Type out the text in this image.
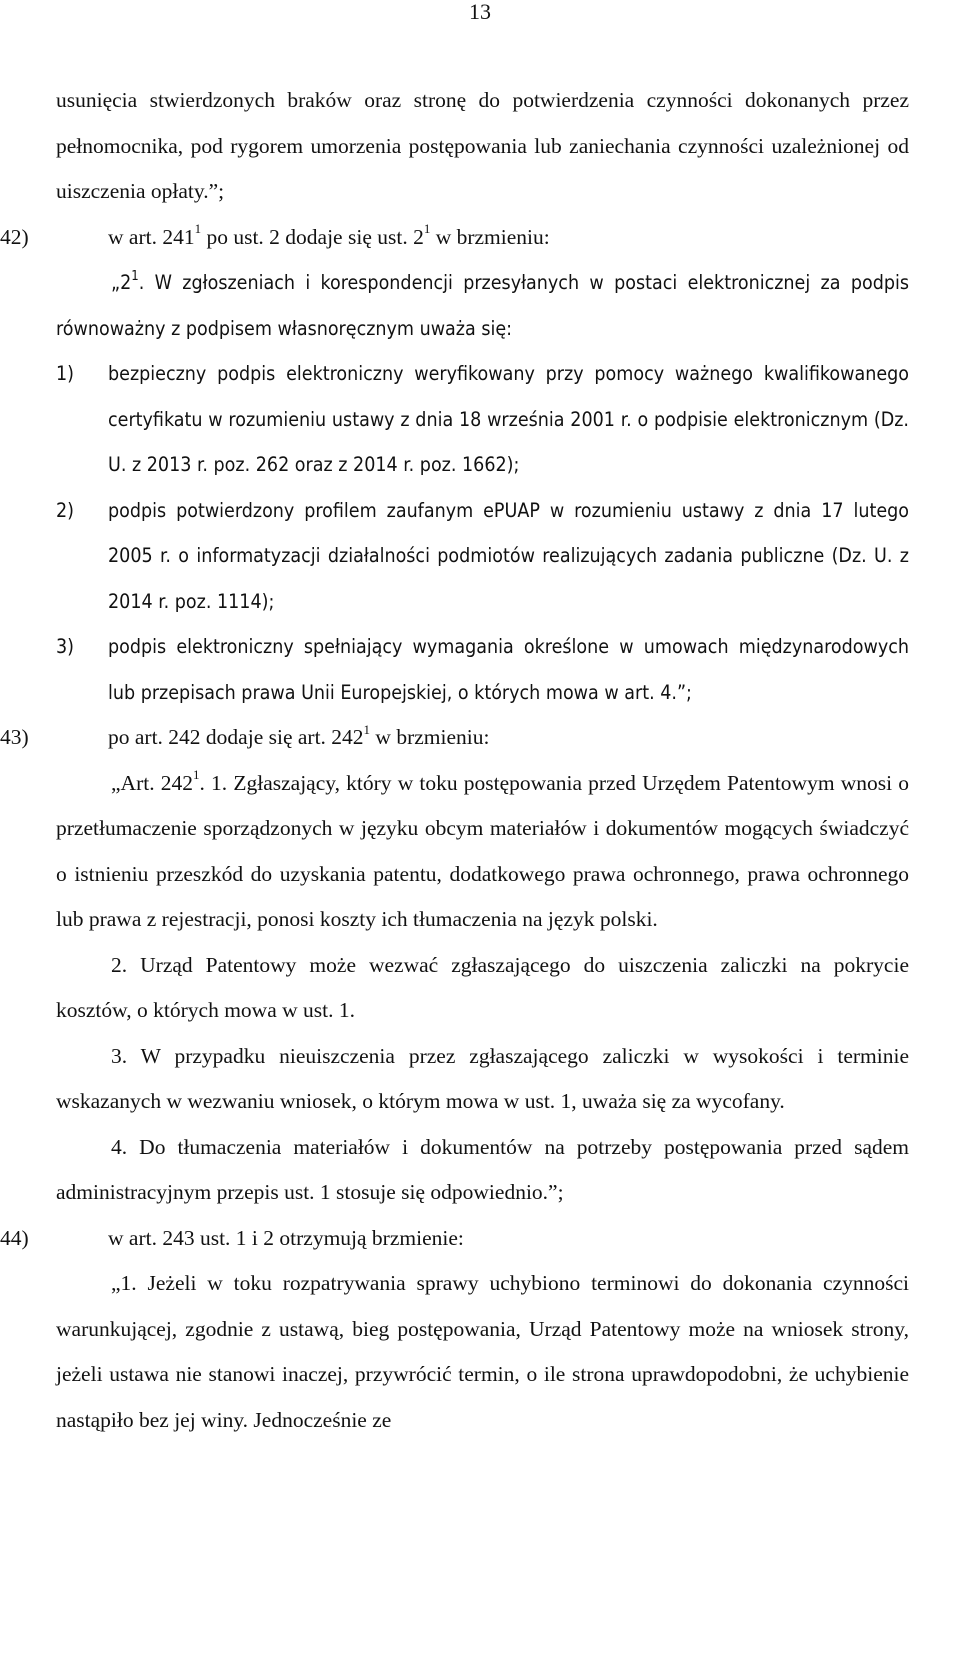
13

usunięcia stwierdzonych braków oraz stronę do potwierdzenia czynności dokonanych przez pełnomocnika, pod rygorem umorzenia postępowania lub zaniechania czynności uzależnionej od uiszczenia opłaty.”;

42)	w art. $241^1$ po ust. 2 dodaje się ust. $2^1$ w brzmieniu:

$„2^1$. W zgłoszeniach i korespondencji przesyłanych w postaci elektronicznej za podpis równoważny z podpisem własnoręcznym uważa się:

1) bezpieczny podpis elektroniczny weryfikowany przy pomocy ważnego kwalifikowanego certyfikatu w rozumieniu ustawy z dnia 18 września 2001 r. o podpisie elektronicznym (Dz. U. z 2013 r. poz. 262 oraz z 2014 r. poz. 1662);

2) podpis potwierdzony profilem zaufanym ePUAP w rozumieniu ustawy z dnia 17 lutego 2005 r. o informatyzacji działalności podmiotów realizujących zadania publiczne (Dz. U. z 2014 r. poz. 1114);

3) podpis elektroniczny spełniający wymagania określone w umowach międzynarodowych lub przepisach prawa Unii Europejskiej, o których mowa w art. 4.”;

43)	po art. 242 dodaje się art. $242^1$ w brzmieniu:

„Art. $242^1$. 1. Zgłaszający, który w toku postępowania przed Urzędem Patentowym wnosi o przetłumaczenie sporządzonych w języku obcym materiałów i dokumentów mogących świadczyć o istnieniu przeszkód do uzyskania patentu, dodatkowego prawa ochronnego, prawa ochronnego lub prawa z rejestracji, ponosi koszty ich tłumaczenia na język polski.

2. Urząd Patentowy może wezwać zgłaszającego do uiszczenia zaliczki na pokrycie kosztów, o których mowa w ust. 1.

3. W przypadku nieuiszczenia przez zgłaszającego zaliczki w wysokości i terminie wskazanych w wezwaniu wniosek, o którym mowa w ust. 1, uważa się za wycofany.

4. Do tłumaczenia materiałów i dokumentów na potrzeby postępowania przed sądem administracyjnym przepis ust. 1 stosuje się odpowiednio.”;

44)	w art. 243 ust. 1 i 2 otrzymują brzmienie:

„1. Jeżeli w toku rozpatrywania sprawy uchybiono terminowi do dokonania czynności warunkującej, zgodnie z ustawą, bieg postępowania, Urząd Patentowy może na wniosek strony, jeżeli ustawa nie stanowi inaczej, przywrócić termin, o ile strona uprawdopodobni, że uchybienie nastąpiło bez jej winy. Jednocześnie ze
